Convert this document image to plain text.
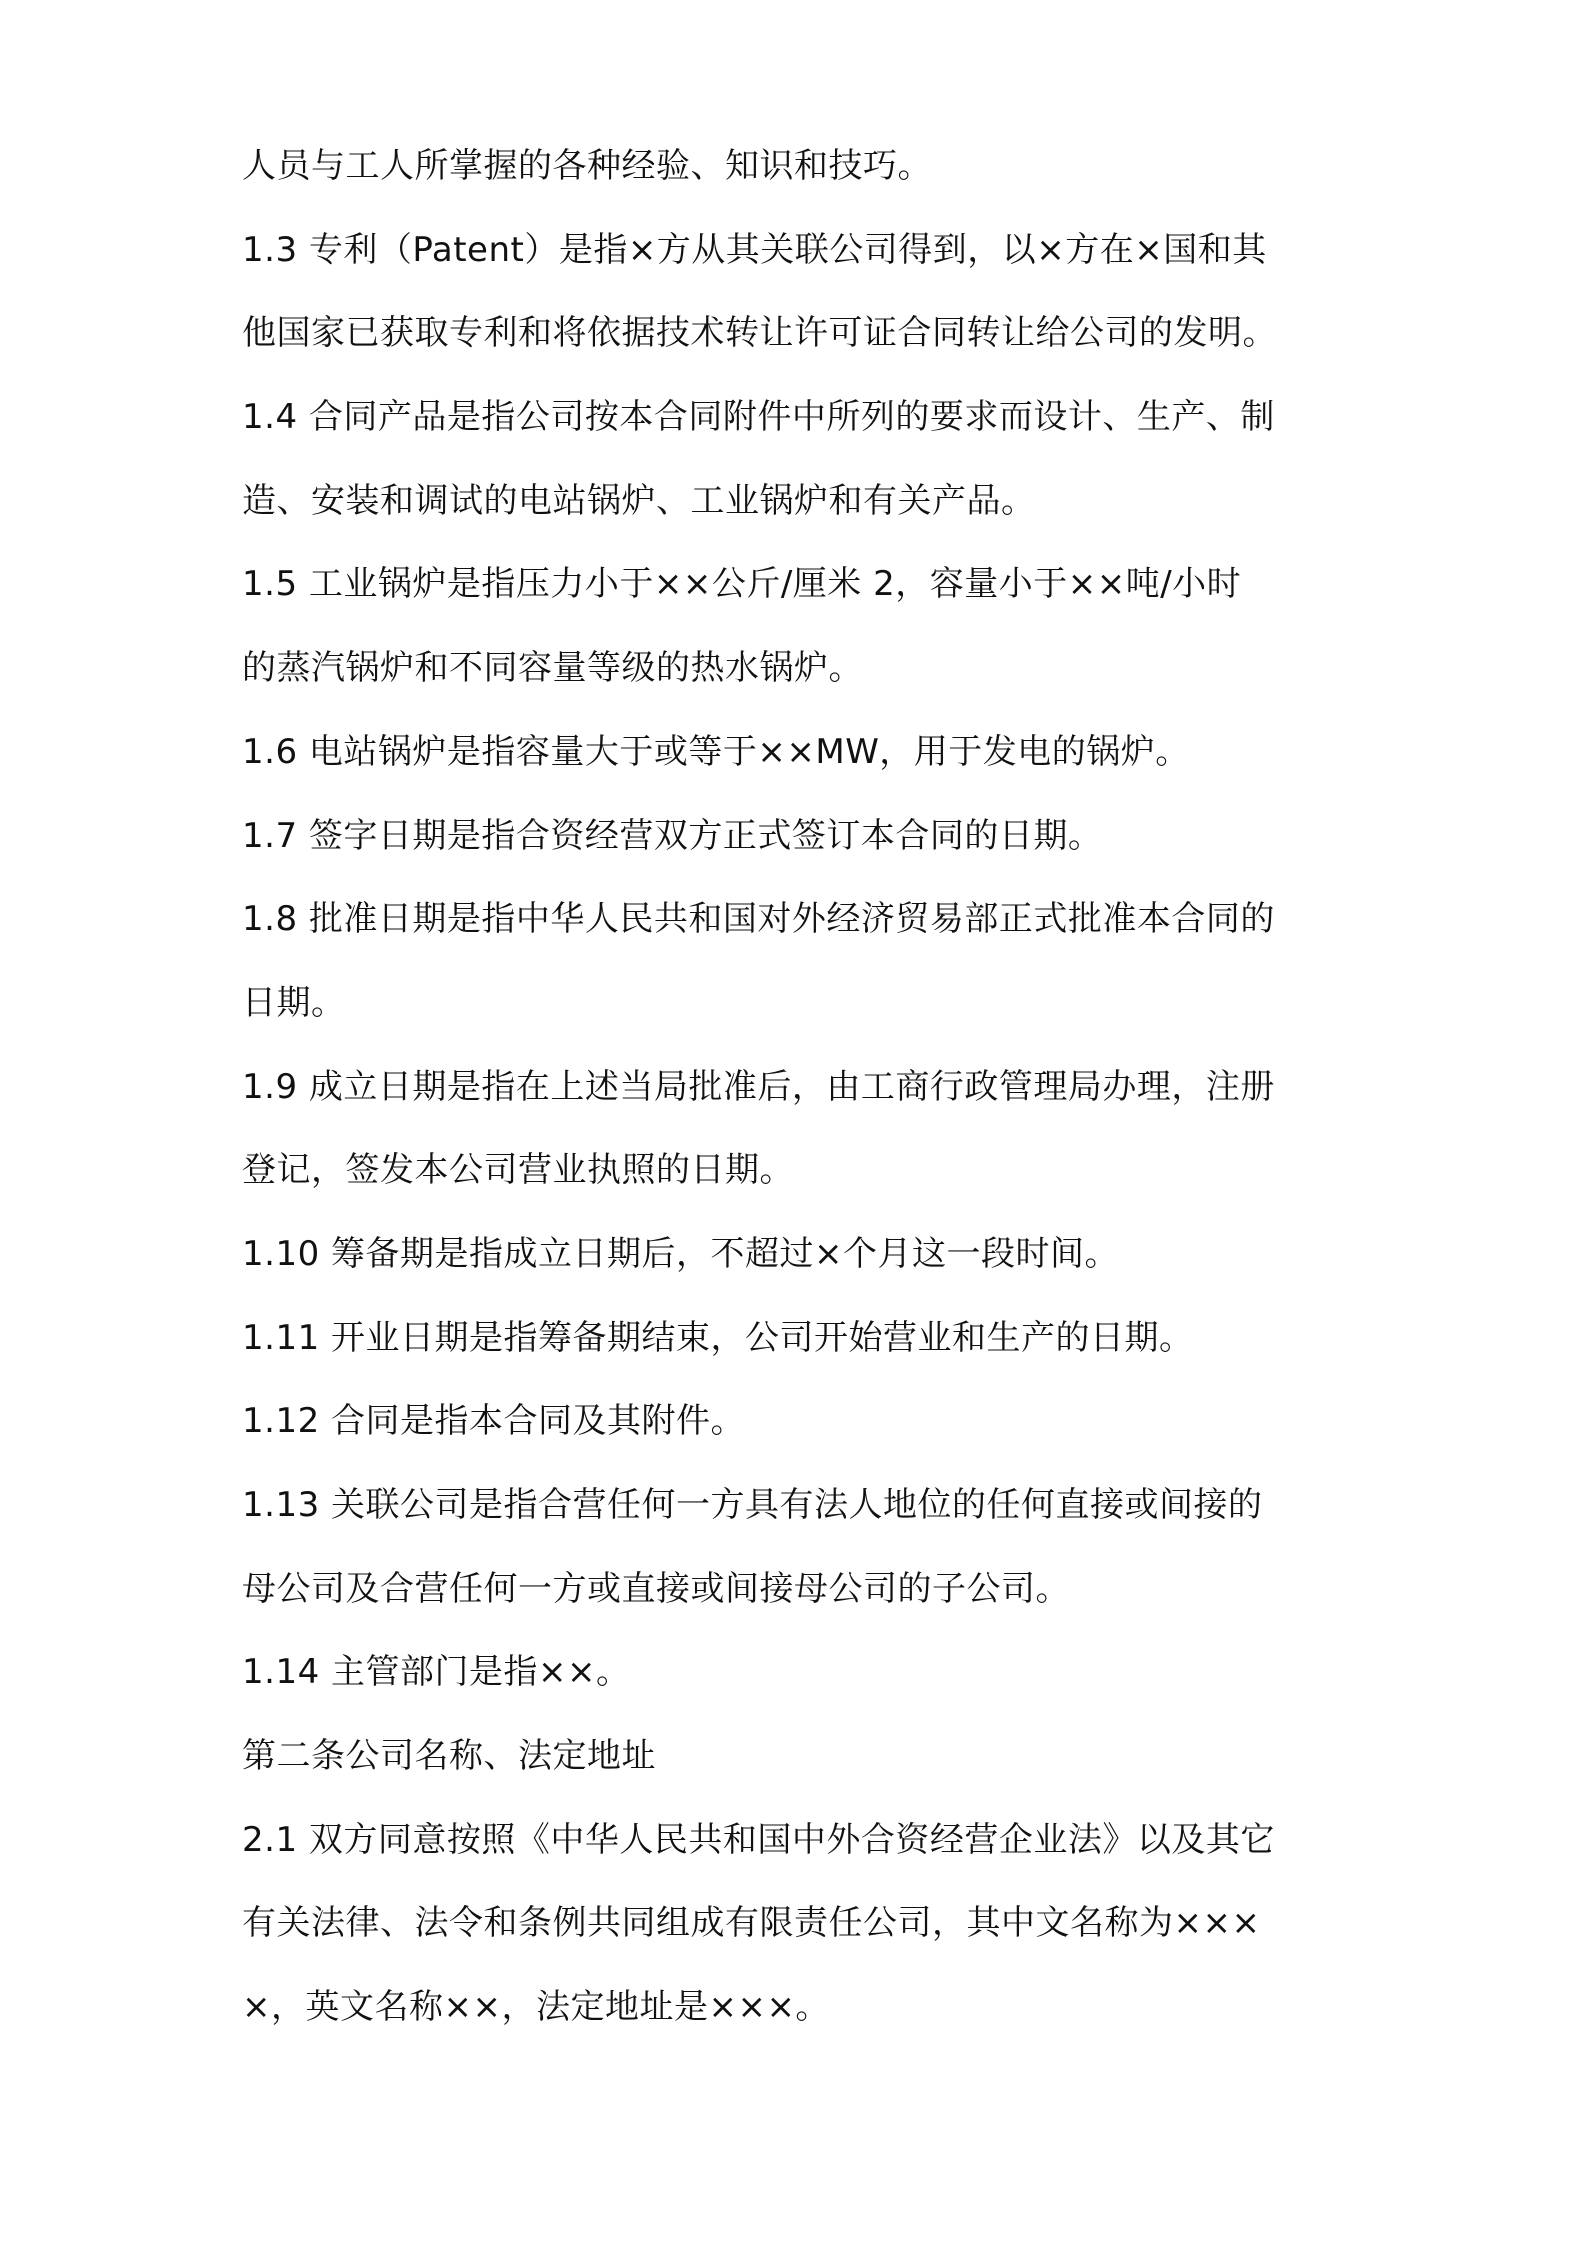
人员与工人所掌握的各种经验、知识和技巧。
1.3 专利（Patent）是指×方从其关联公司得到，以×方在×国和其
他国家已获取专利和将依据技术转让许可证合同转让给公司的发明。
1.4 合同产品是指公司按本合同附件中所列的要求而设计、生产、制
造、安装和调试的电站锅炉、工业锅炉和有关产品。
1.5 工业锅炉是指压力小于××公斤/厘米 2，容量小于××吨/小时
的蒸汽锅炉和不同容量等级的热水锅炉。
1.6 电站锅炉是指容量大于或等于××MW，用于发电的锅炉。
1.7 签字日期是指合资经营双方正式签订本合同的日期。
1.8 批准日期是指中华人民共和国对外经济贸易部正式批准本合同的
日期。
1.9 成立日期是指在上述当局批准后，由工商行政管理局办理，注册
登记，签发本公司营业执照的日期。
1.10 筹备期是指成立日期后，不超过×个月这一段时间。
1.11 开业日期是指筹备期结束，公司开始营业和生产的日期。
1.12 合同是指本合同及其附件。
1.13 关联公司是指合营任何一方具有法人地位的任何直接或间接的
母公司及合营任何一方或直接或间接母公司的子公司。
1.14 主管部门是指××。
第二条公司名称、法定地址
2.1 双方同意按照《中华人民共和国中外合资经营企业法》以及其它
有关法律、法令和条例共同组成有限责任公司，其中文名称为×××
×，英文名称××，法定地址是×××。
